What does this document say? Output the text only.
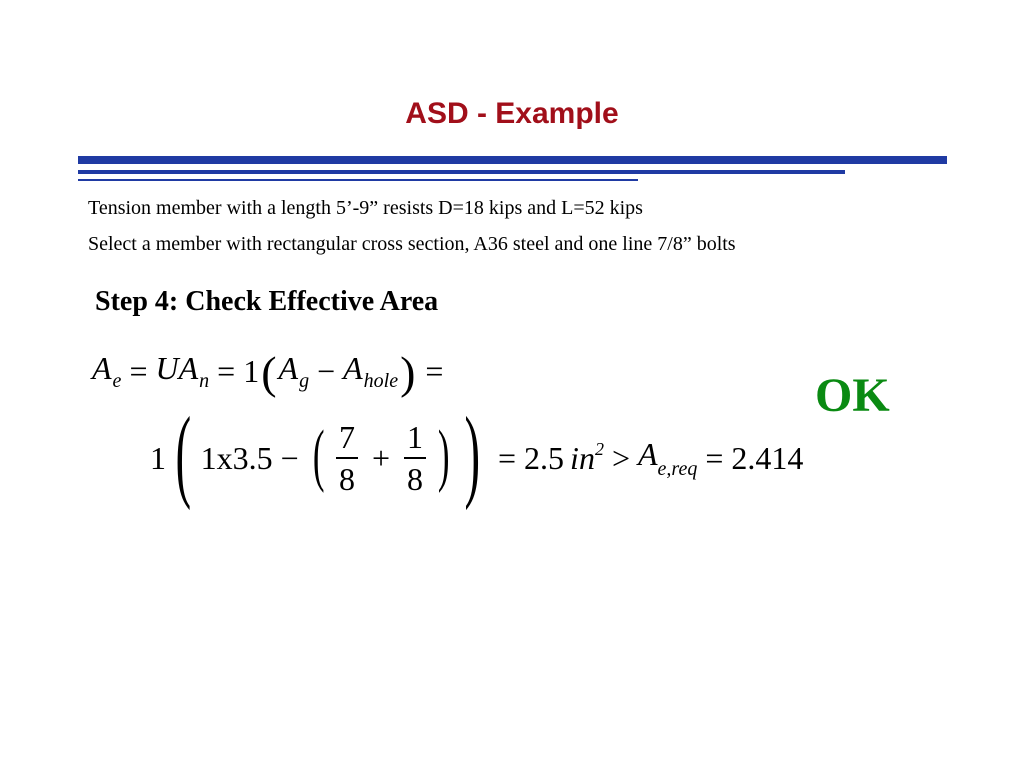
ASD - Example
Tension member with a length 5’-9” resists D=18 kips and L=52 kips
Select a member with rectangular cross section, A36 steel and one line 7/8” bolts
Step 4: Check Effective Area
$A_e = UA_n = 1$ ( $A_g - A_{hole}$ ) =
1 ( 1x3.5 − ( $\frac{7}{8} + \frac{1}{8}$ ) ) = 2.5 $in^2 > A_{e,req} = 2.414$
OK
